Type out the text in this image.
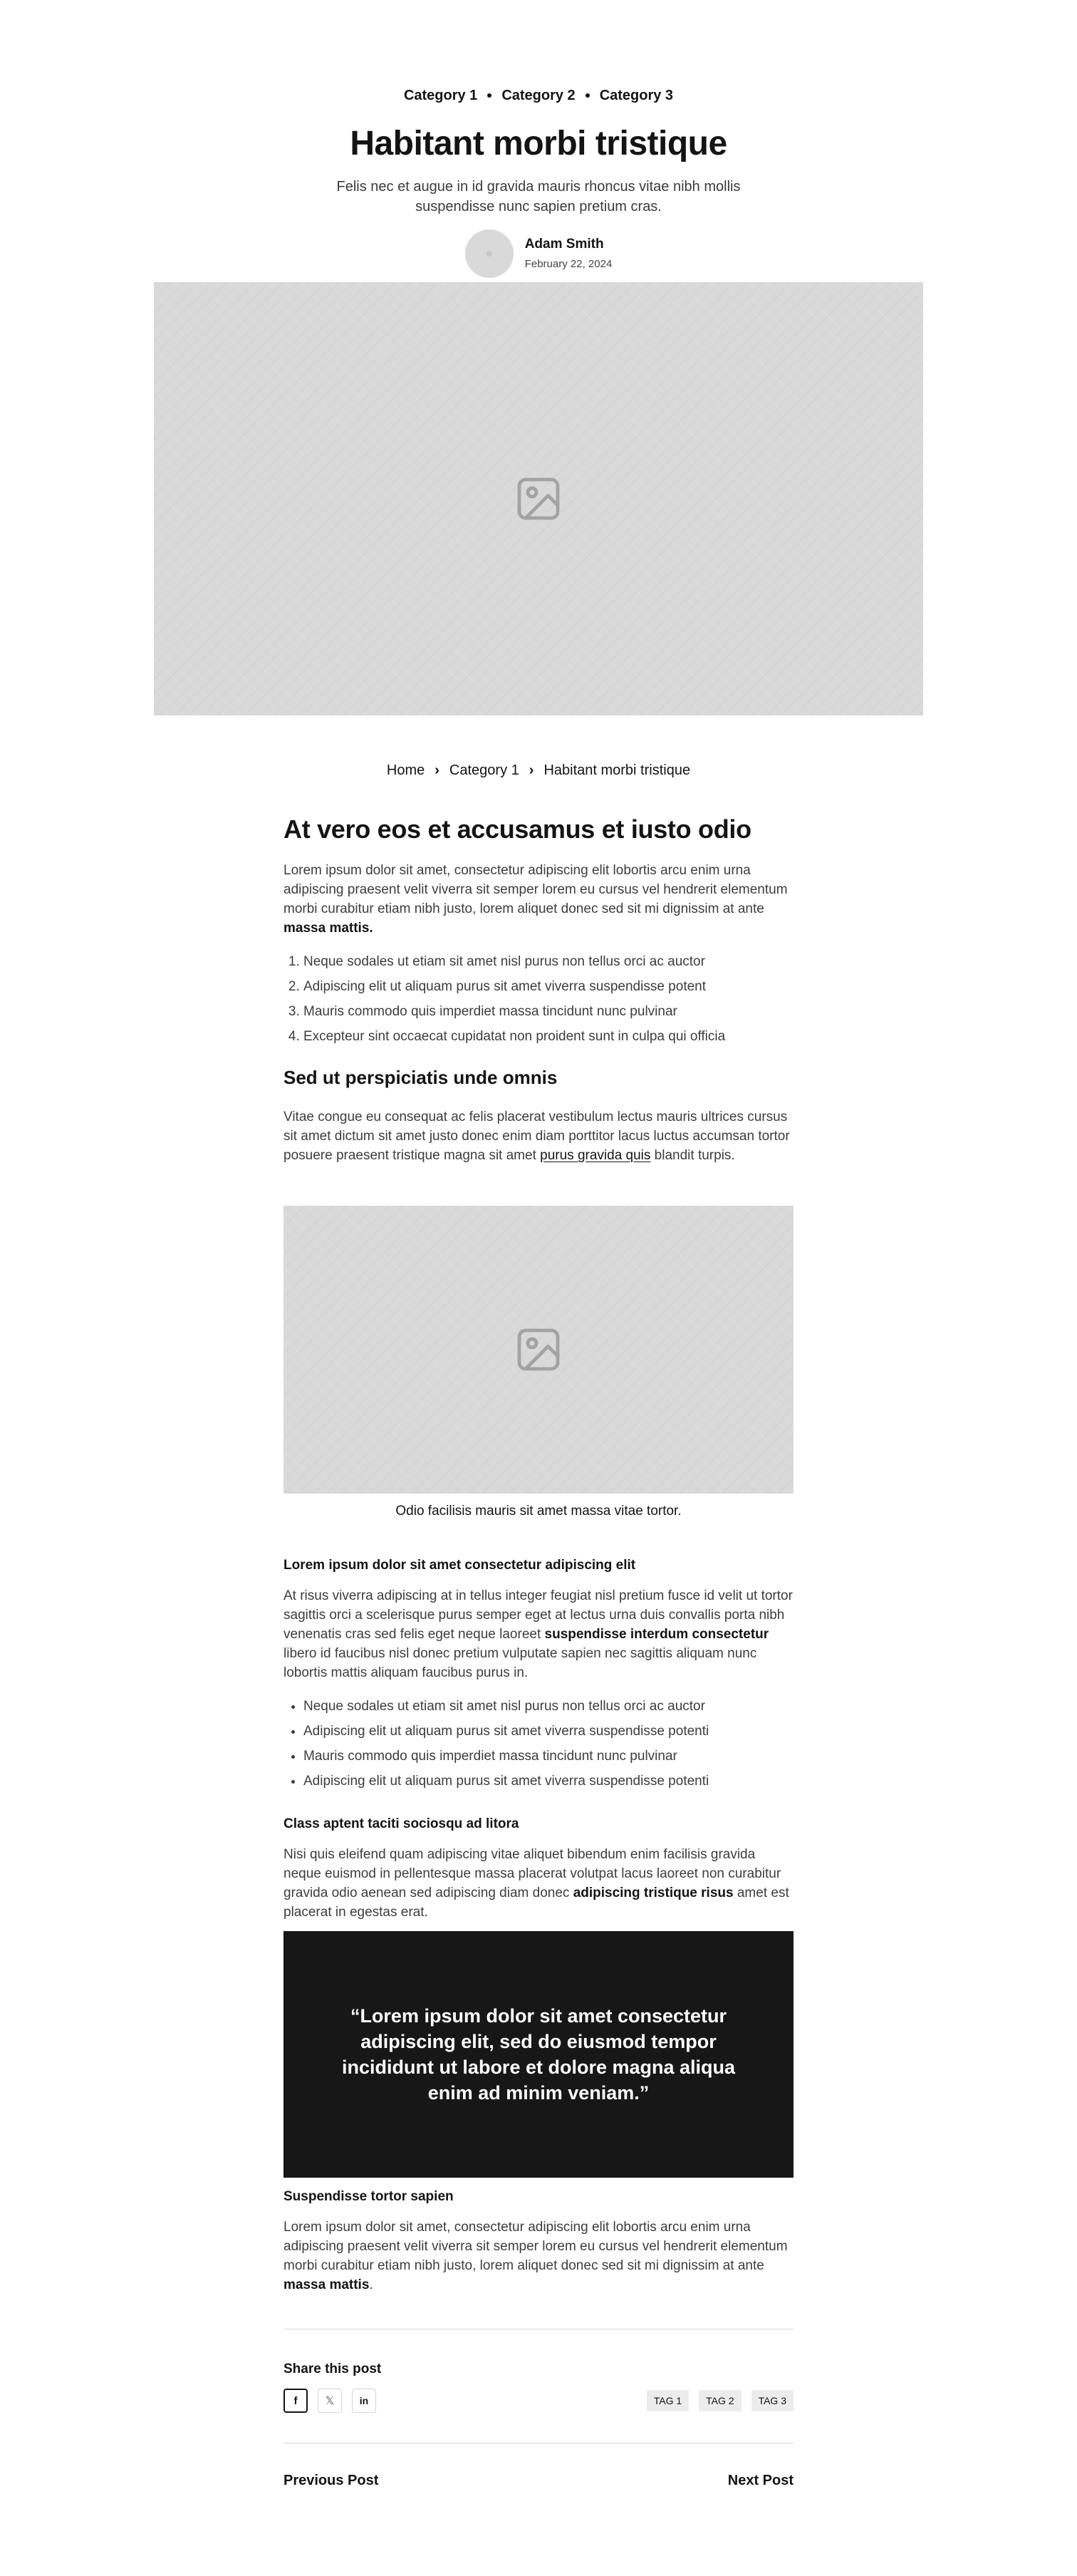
Category 1 Category 2 Category 3
Habitant morbi tristique

Felis nec et augue in id gravida mauris rhoncus vitae nibh mollis suspendisse nunc sapien pretium cras.

Adam Smith
February 22, 2024
Home › Category 1 › Habitant morbi tristique
At vero eos et accusamus et iusto odio

Lorem ipsum dolor sit amet, consectetur adipiscing elit lobortis arcu enim urna adipiscing praesent velit viverra sit semper lorem eu cursus vel hendrerit elementum morbi curabitur etiam nibh justo, lorem aliquet donec sed sit mi dignissim at ante massa mattis.

1. Neque sodales ut etiam sit amet nisl purus non tellus orci ac auctor
2. Adipiscing elit ut aliquam purus sit amet viverra suspendisse potent
3. Mauris commodo quis imperdiet massa tincidunt nunc pulvinar
4. Excepteur sint occaecat cupidatat non proident sunt in culpa qui officia
Sed ut perspiciatis unde omnis

Vitae congue eu consequat ac felis placerat vestibulum lectus mauris ultrices cursus sit amet dictum sit amet justo donec enim diam porttitor lacus luctus accumsan tortor posuere praesent tristique magna sit amet purus gravida quis blandit turpis.

Odio facilisis mauris sit amet massa vitae tortor.

Lorem ipsum dolor sit amet consectetur adipiscing elit

At risus viverra adipiscing at in tellus integer feugiat nisl pretium fusce id velit ut tortor sagittis orci a scelerisque purus semper eget at lectus urna duis convallis porta nibh venenatis cras sed felis eget neque laoreet suspendisse interdum consectetur libero id faucibus nisl donec pretium vulputate sapien nec sagittis aliquam nunc lobortis mattis aliquam faucibus purus in.

• Neque sodales ut etiam sit amet nisl purus non tellus orci ac auctor
• Adipiscing elit ut aliquam purus sit amet viverra suspendisse potenti
• Mauris commodo quis imperdiet massa tincidunt nunc pulvinar
• Adipiscing elit ut aliquam purus sit amet viverra suspendisse potenti
Class aptent taciti sociosqu ad litora

Nisi quis eleifend quam adipiscing vitae aliquet bibendum enim facilisis gravida neque euismod in pellentesque massa placerat volutpat lacus laoreet non curabitur gravida odio aenean sed adipiscing diam donec adipiscing tristique risus amet est placerat in egestas erat.

“Lorem ipsum dolor sit amet consectetur adipiscing elit, sed do eiusmod tempor incididunt ut labore et dolore magna aliqua enim ad minim veniam.”

Suspendisse tortor sapien

Lorem ipsum dolor sit amet, consectetur adipiscing elit lobortis arcu enim urna adipiscing praesent velit viverra sit semper lorem eu cursus vel hendrerit elementum morbi curabitur etiam nibh justo, lorem aliquet donec sed sit mi dignissim at ante massa mattis.

Share this post
f	𝕏	in	TAG 1	TAG 2	TAG 3
Previous Post	Next Post
